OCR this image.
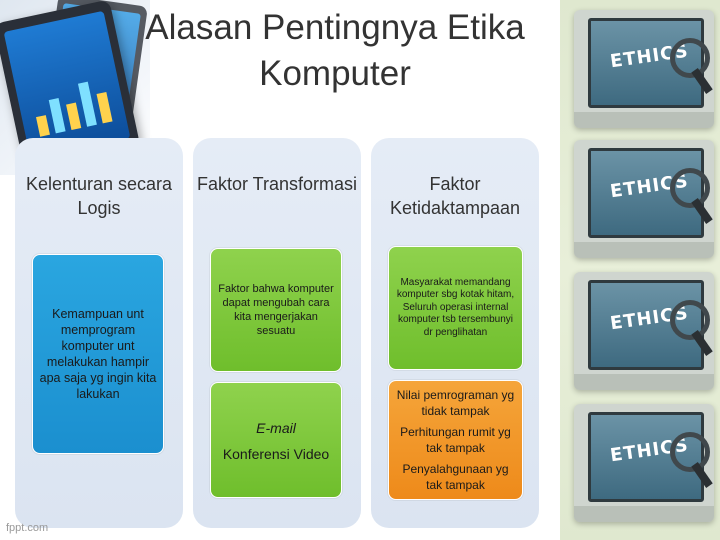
ETHICS
ETHICS
ETHICS
ETHICS
Alasan Pentingnya Etika Komputer
Kelenturan secara Logis
Kemampuan unt memprogram komputer unt melakukan hampir apa saja yg ingin kita lakukan
Faktor Transformasi
Faktor bahwa komputer dapat mengubah cara kita mengerjakan sesuatu
E-mail
Konferensi Video
Faktor Ketidaktampaan
Masyarakat memandang komputer sbg kotak hitam, Seluruh operasi internal komputer tsb tersembunyi dr penglihatan
Nilai pemrograman yg tidak tampak
Perhitungan rumit yg tak tampak
Penyalahgunaan yg tak tampak
fppt.com
